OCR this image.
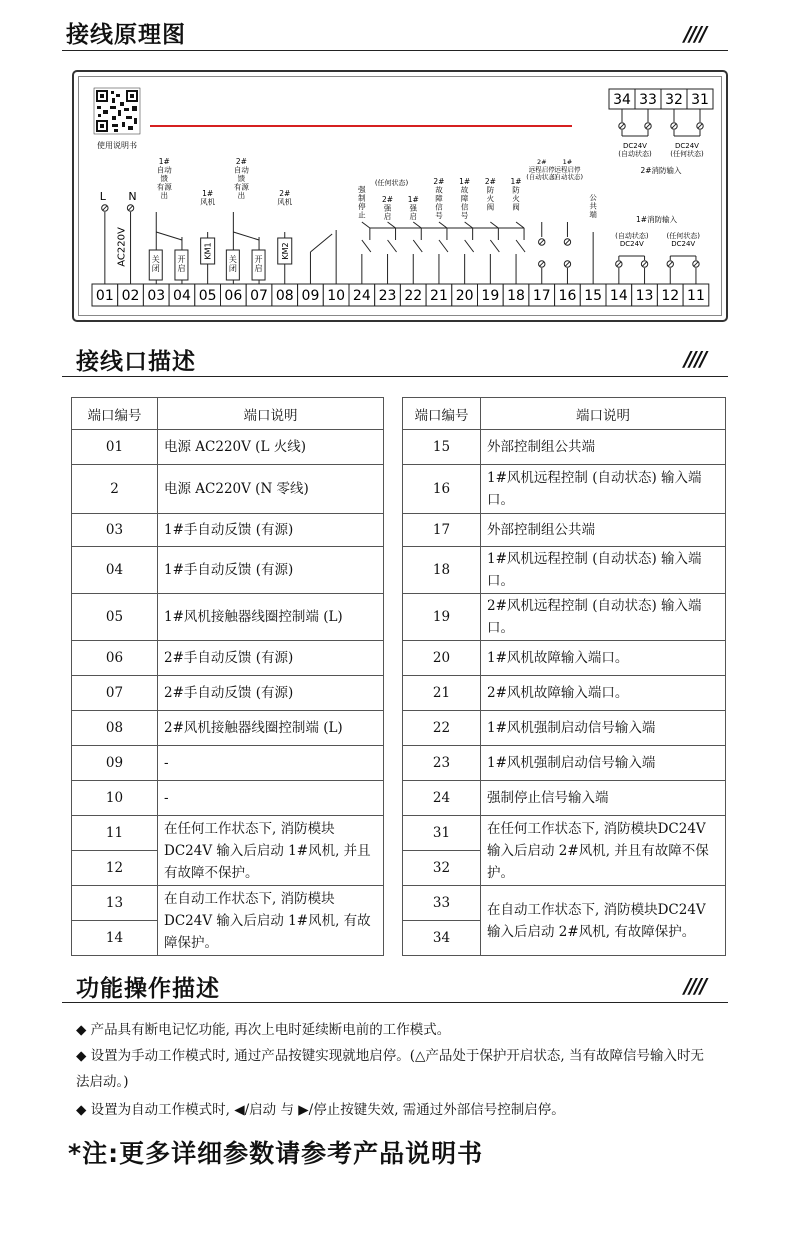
接线原理图	////
使用说明书
01 02 03 04 05 06 07 08 09 10 24 23 22 21 20 19 18 17 16 15 14 13 12 11
34 33 32 31
DC24V (自动状态)
DC24V (任何状态)
2#消防输入
L N
AC220V
1#自动馈有源出
关闭
开启
1#风机
KM1
2#自动馈有源出
关闭
开启
2#风机
KM2
(任何状态)
强制停止
2#强启
1#强启
2#故障信号
1#故障信号
2#防火阀
1#防火阀
2#远程启停(自动状态)
1#远程启停(自动状态)
公共端
1#消防输入
(自动状态) DC24V
(任何状态) DC24V
接线口描述	////
端口编号	端口说明
01	电源 AC220V (L 火线)
2	电源 AC220V (N 零线)
03	1#手自动反馈 (有源)
04	1#手自动反馈 (有源)
05	1#风机接触器线圈控制端 (L)
06	2#手自动反馈 (有源)
07	2#手自动反馈 (有源)
08	2#风机接触器线圈控制端 (L)
09	-
10	-
11	在任何工作状态下, 消防模块DC24V 输入后启动 1#风机, 并且有故障不保护。
12	
13	在自动工作状态下, 消防模块DC24V 输入后启动 1#风机, 有故障保护。
14	
端口编号	端口说明
15	外部控制组公共端
16	1#风机远程控制 (自动状态) 输入端口。
17	外部控制组公共端
18	1#风机远程控制 (自动状态) 输入端口。
19	2#风机远程控制 (自动状态) 输入端口。
20	1#风机故障输入端口。
21	2#风机故障输入端口。
22	1#风机强制启动信号输入端
23	1#风机强制启动信号输入端
24	强制停止信号输入端
31	在任何工作状态下, 消防模块DC24V 输入后启动 2#风机, 并且有故障不保护。
32	
33	在自动工作状态下, 消防模块DC24V 输入后启动 2#风机, 有故障保护。
34	
功能操作描述	////
◆ 产品具有断电记忆功能, 再次上电时延续断电前的工作模式。
◆ 设置为手动工作模式时, 通过产品按键实现就地启停。(△产品处于保护开启状态, 当有故障信号输入时无法启动。)
◆ 设置为自动工作模式时, ◀/启动 与 ▶/停止按键失效, 需通过外部信号控制启停。
*注:更多详细参数请参考产品说明书
